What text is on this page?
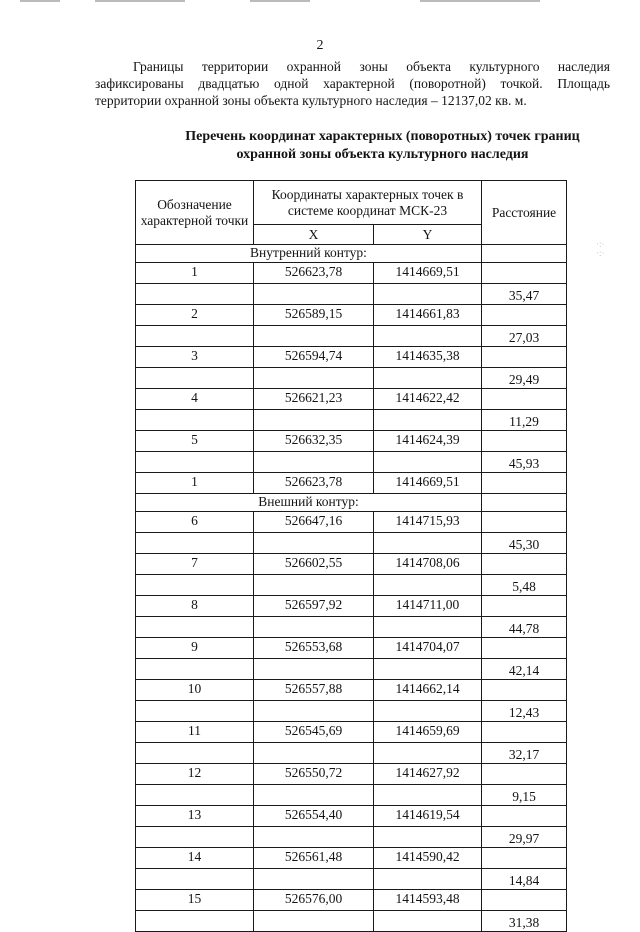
2

Границы территории охранной зоны объекта культурного наследия зафиксированы двадцатью одной характерной (поворотной) точкой. Площадь территории охранной зоны объекта культурного наследия – 12137,02 кв. м.

Перечень координат характерных (поворотных) точек границ
охранной зоны объекта культурного наследия
·:·
·:·
Обозначение характерной точки	Координаты характерных точек в системе координат МСК-23		Расстояние
	X	Y	
Внутренний контур:			
1	526623,78	1414669,51	
			35,47
2	526589,15	1414661,83	
			27,03
3	526594,74	1414635,38	
			29,49
4	526621,23	1414622,42	
			11,29
5	526632,35	1414624,39	
			45,93
1	526623,78	1414669,51	
Внешний контур:			
6	526647,16	1414715,93	
			45,30
7	526602,55	1414708,06	
			5,48
8	526597,92	1414711,00	
			44,78
9	526553,68	1414704,07	
			42,14
10	526557,88	1414662,14	
			12,43
11	526545,69	1414659,69	
			32,17
12	526550,72	1414627,92	
			9,15
13	526554,40	1414619,54	
			29,97
14	526561,48	1414590,42	
			14,84
15	526576,00	1414593,48	
			31,38
